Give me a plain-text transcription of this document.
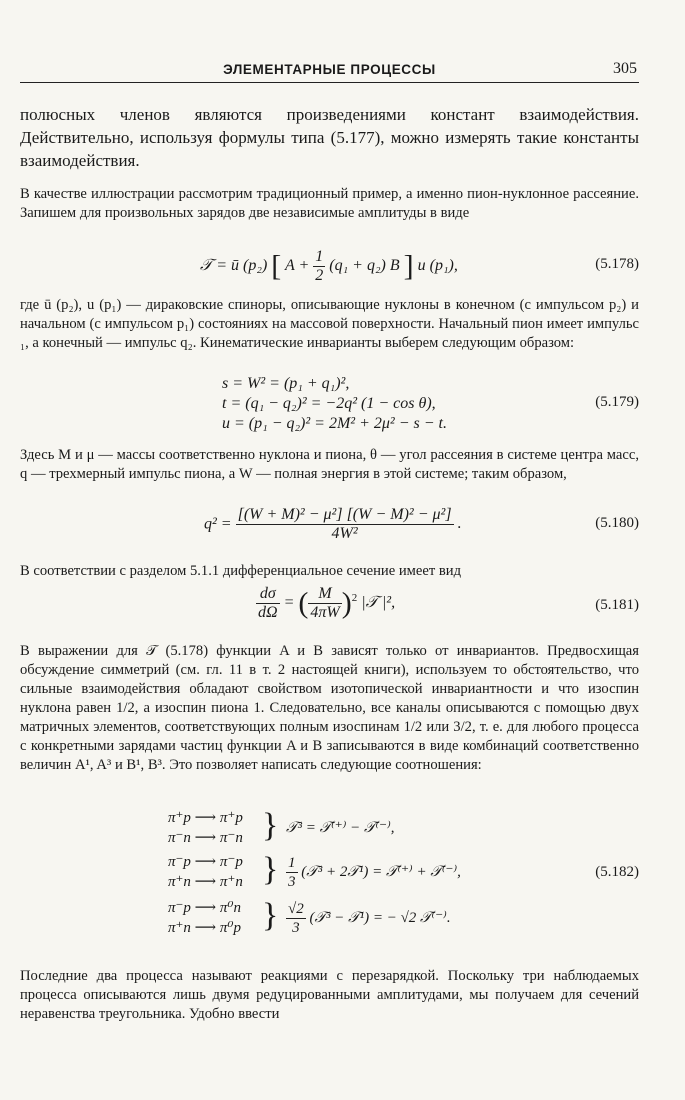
ЭЛЕМЕНТАРНЫЕ ПРОЦЕССЫ	305
полюсных членов являются произведениями констант взаимодействия. Действительно, используя формулы типа (5.177), можно измерять такие константы взаимодействия.
В качестве иллюстрации рассмотрим традиционный пример, а именно пион-нуклонное рассеяние. Запишем для произвольных зарядов две независимые амплитуды в виде
𝒯 = ū (p₂) [ $A + \frac{1}{2} (q_1 + q_2)$ B ] u (p₁),	(5.178)
где ū (p₂), u (p₁) — дираковские спиноры, описывающие нуклоны в конечном (с импульсом p₂) и начальном (с импульсом p₁) состояниях на массовой поверхности. Начальный пион имеет импульс ₁, а конечный — импульс q₂. Кинематические инварианты выберем следующим образом:
s = W² = (p₁ + q₁)²,
t = (q₁ − q₂)² = −2q² (1 − cos θ),
u = (p₁ − q₂)² = 2M² + 2μ² − s − t.
(5.179)
Здесь M и μ — массы соответственно нуклона и пиона, θ — угол рассеяния в системе центра масс, q — трехмерный импульс пиона, а W — полная энергия в этой системе; таким образом,
$q^2 = \frac{\text{[(W + M)² − μ²] [(W − M)² − μ²]}}{\text{4W²}}$ .	(5.180)
В соответствии с разделом 5.1.1 дифференциальное сечение имеет вид
$\frac{d\sigma}{d\Omega}$ = ( $\frac{M}{4\pi W} )^2$ |𝒯 |²,	(5.181)
В выражении для 𝒯 (5.178) функции A и B зависят только от инвариантов. Предвосхищая обсуждение симметрий (см. гл. 11 в т. 2 настоящей книги), используем то обстоятельство, что сильные взаимодействия обладают свойством изотопической инвариантности и что изоспин нуклона равен 1/2, а изоспин пиона 1. Следовательно, все каналы описываются с помощью двух матричных элементов, соответствующих полным изоспинам 1/2 или 3/2, т. е. для любого процесса с конкретными зарядами частиц функции A и B записываются в виде комбинаций соответственно величин A¹, A³ и B¹, B³. Это позволяет написать следующие соотношения:
π⁺p ⟶ π⁺p
π⁻n ⟶ π⁻n } 𝒯³ = 𝒯⁽⁺⁾ − 𝒯⁽⁻⁾,
π⁻p ⟶ π⁻p
π⁺n ⟶ π⁺n } $\frac{1}{3}$ (𝒯³ + 2𝒯¹) = 𝒯⁽⁺⁾ + 𝒯⁽⁻⁾,
π⁻p ⟶ π⁰n
π⁺n ⟶ π⁰p } $\frac{√2}{3}$ (𝒯³ − 𝒯¹) = − √2 𝒯⁽⁻⁾.
(5.182)
Последние два процесса называют реакциями с перезарядкой. Поскольку три наблюдаемых процесса описываются лишь двумя редуцированными амплитудами, мы получаем для сечений неравенства треугольника. Удобно ввести
